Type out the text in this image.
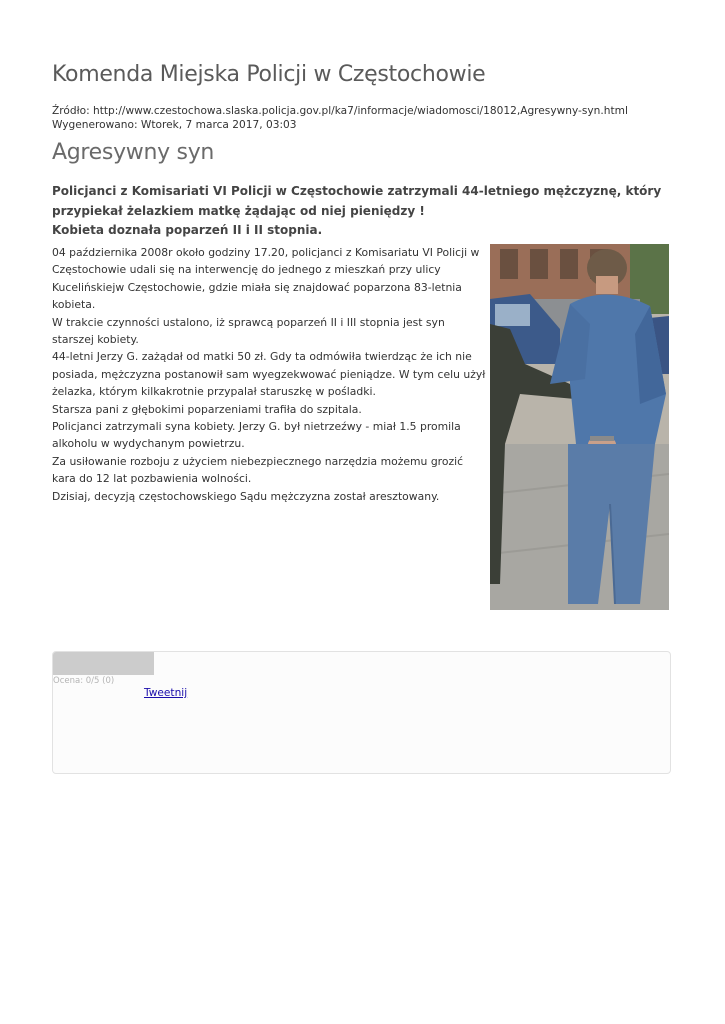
Komenda Miejska Policji w Częstochowie
Źródło: http://www.czestochowa.slaska.policja.gov.pl/ka7/informacje/wiadomosci/18012,Agresywny-syn.html
Wygenerowano: Wtorek, 7 marca 2017, 03:03
Agresywny syn

Policjanci z Komisariati VI Policji w Częstochowie zatrzymali 44-letniego mężczyznę, który przypiekał żelazkiem matkę żądając od niej pieniędzy !

Kobieta doznała poparzeń II i II stopnia.

04 października 2008r około godziny 17.20, policjanci z Komisariatu VI Policji w Częstochowie udali się na interwencję do jednego z mieszkań przy ulicy Kucelińskiejw Częstochowie, gdzie miała się znajdować poparzona 83-letnia kobieta.

W trakcie czynności ustalono, iż sprawcą poparzeń II i III stopnia jest syn starszej kobiety.

44-letni Jerzy G. zażądał od matki 50 zł. Gdy ta odmówiła twierdząc że ich nie posiada, mężczyzna postanowił sam wyegzekwować pieniądze. W tym celu użył żelazka, którym kilkakrotnie przypalał staruszkę w pośladki.

Starsza pani z głębokimi poparzeniami trafiła do szpitala.

Policjanci zatrzymali syna kobiety. Jerzy G. był nietrzeźwy - miał 1.5 promila alkoholu w wydychanym powietrzu.

Za usiłowanie rozboju z użyciem niebezpiecznego narzędzia możemu grozić kara do 12 lat pozbawienia wolności.

Dzisiaj, decyzją częstochowskiego Sądu mężczyzna został aresztowany.

Ocena: 0/5 (0)
Tweetnij
